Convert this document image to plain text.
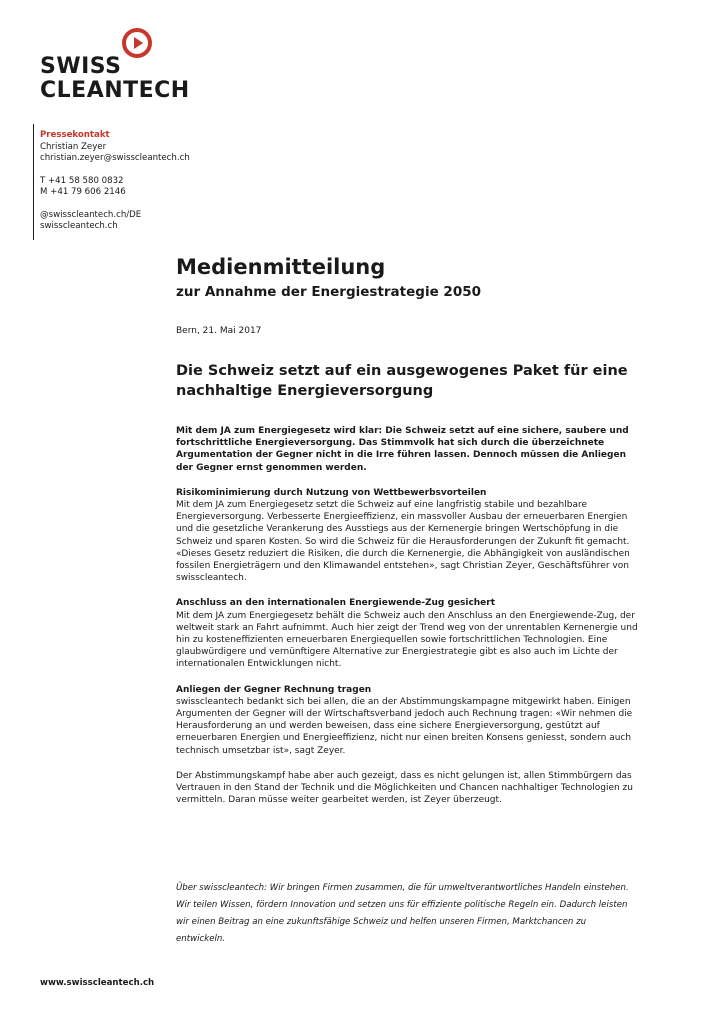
SWISS
CLEANTECH
Pressekontakt
Christian Zeyer
christian.zeyer@swisscleantech.ch
T +41 58 580 0832
M +41 79 606 2146
@swisscleantech.ch/DE
swisscleantech.ch
Medienmitteilung
zur Annahme der Energiestrategie 2050
Bern, 21. Mai 2017
Die Schweiz setzt auf ein ausgewogenes Paket für eine nachhaltige Energieversorgung

Mit dem JA zum Energiegesetz wird klar: Die Schweiz setzt auf eine sichere, saubere und fortschrittliche Energieversorgung. Das Stimmvolk hat sich durch die überzeichnete Argumentation der Gegner nicht in die Irre führen lassen. Dennoch müssen die Anliegen der Gegner ernst genommen werden.

Risikominimierung durch Nutzung von Wettbewerbsvorteilen
Mit dem JA zum Energiegesetz setzt die Schweiz auf eine langfristig stabile und bezahlbare Energieversorgung. Verbesserte Energieeffizienz, ein massvoller Ausbau der erneuerbaren Energien und die gesetzliche Verankerung des Ausstiegs aus der Kernenergie bringen Wertschöpfung in die Schweiz und sparen Kosten. So wird die Schweiz für die Herausforderungen der Zukunft fit gemacht. «Dieses Gesetz reduziert die Risiken, die durch die Kernenergie, die Abhängigkeit von ausländischen fossilen Energieträgern und den Klimawandel entstehen», sagt Christian Zeyer, Geschäftsführer von swisscleantech.

Anschluss an den internationalen Energiewende-Zug gesichert
Mit dem JA zum Energiegesetz behält die Schweiz auch den Anschluss an den Energiewende-Zug, der weltweit stark an Fahrt aufnimmt. Auch hier zeigt der Trend weg von der unrentablen Kernenergie und hin zu kosteneffizienten erneuerbaren Energiequellen sowie fortschrittlichen Technologien. Eine glaubwürdigere und vernünftigere Alternative zur Energiestrategie gibt es also auch im Lichte der internationalen Entwicklungen nicht.

Anliegen der Gegner Rechnung tragen
swisscleantech bedankt sich bei allen, die an der Abstimmungskampagne mitgewirkt haben. Einigen Argumenten der Gegner will der Wirtschaftsverband jedoch auch Rechnung tragen: «Wir nehmen die Herausforderung an und werden beweisen, dass eine sichere Energieversorgung, gestützt auf erneuerbaren Energien und Energieeffizienz, nicht nur einen breiten Konsens geniesst, sondern auch technisch umsetzbar ist», sagt Zeyer.

Der Abstimmungskampf habe aber auch gezeigt, dass es nicht gelungen ist, allen Stimmbürgern das Vertrauen in den Stand der Technik und die Möglichkeiten und Chancen nachhaltiger Technologien zu vermitteln. Daran müsse weiter gearbeitet werden, ist Zeyer überzeugt.

Über swisscleantech: Wir bringen Firmen zusammen, die für umweltverantwortliches Handeln einstehen. Wir teilen Wissen, fördern Innovation und setzen uns für effiziente politische Regeln ein. Dadurch leisten wir einen Beitrag an eine zukunftsfähige Schweiz und helfen unseren Firmen, Marktchancen zu entwickeln.
www.swisscleantech.ch
